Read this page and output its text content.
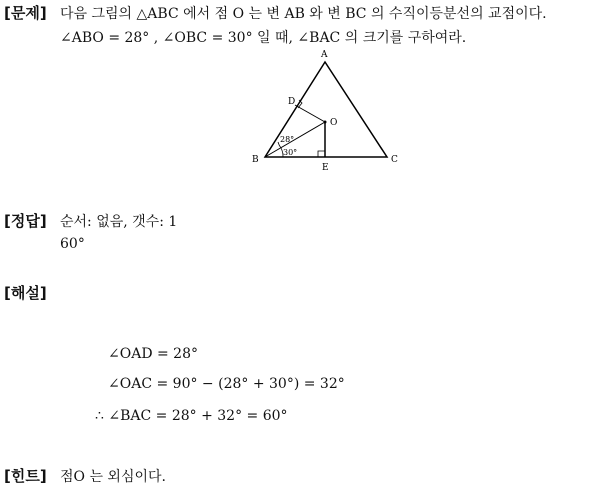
[문제] 다음 그림의 △ABC 에서 점 O 는 변 AB 와 변 BC 의 수직이등분선의 교점이다.
∠ABO = 28° , ∠OBC = 30° 일 때, ∠BAC 의 크기를 구하여라.
A
B	C
D
E
O
28°
30°
[정답] 순서: 없음, 갯수: 1
60°
[해설]
∠OAD = 28°
∠OAC = 90° − (28° + 30°) = 32°
∴ ∠BAC = 28° + 32° = 60°
[힌트] 점O 는 외심이다.
